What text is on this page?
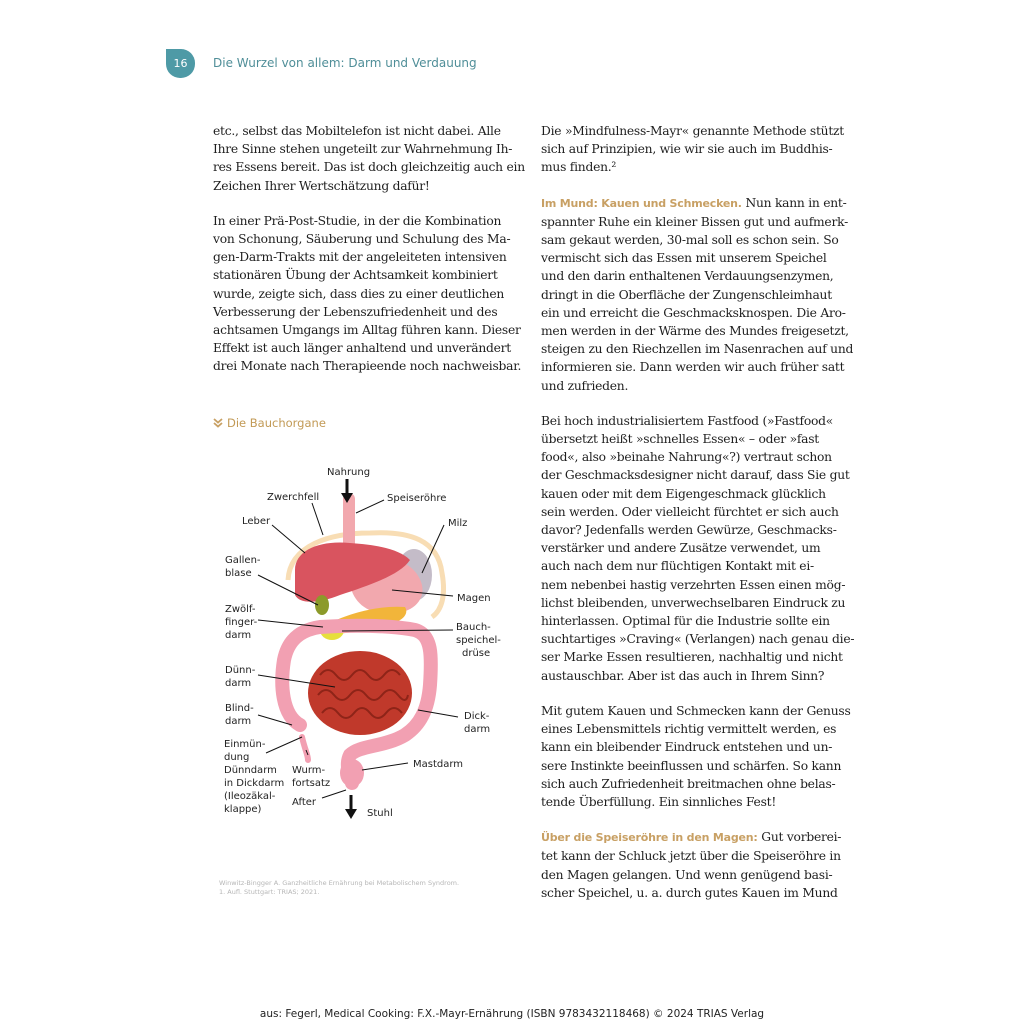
16 Die Wurzel von allem: Darm und Verdauung

etc., selbst das Mobiltelefon ist nicht dabei. Alle
Ihre Sinne stehen ungeteilt zur Wahrnehmung Ih-
res Essens bereit. Das ist doch gleichzeitig auch ein
Zeichen Ihrer Wertschätzung dafür!

In einer Prä-Post-Studie, in der die Kombination
von Schonung, Säuberung und Schulung des Ma-
gen-Darm-Trakts mit der angeleiteten intensiven
stationären Übung der Achtsamkeit kombiniert
wurde, zeigte sich, dass dies zu einer deutlichen
Verbesserung der Lebenszufriedenheit und des
achtsamen Umgangs im Alltag führen kann. Dieser
Effekt ist auch länger anhaltend und unverändert
drei Monate nach Therapieende noch nachweisbar.

Die Bauchorgane
Nahrung
Zwerchfell	Speiseröhre
Leber	Milz
Gallen-
blase
Magen
Zwölf-
finger-
darm
Bauch-
speichel-
drüse
Dünn-
darm
Blind-
darm	Dick-
darm
Einmün-
dung
Dünndarm
in Dickdarm
(Ileozäkal-
klappe)
Wurm-
fortsatz
Mastdarm
After
Stuhl
Winwitz-Bingger A. Ganzheitliche Ernährung bei Metabolischem Syndrom.
1. Aufl. Stuttgart: TRIAS; 2021.

Die »Mindfulness-Mayr« genannte Methode stützt
sich auf Prinzipien, wie wir sie auch im Buddhis-
mus finden.²

Im Mund: Kauen und Schmecken. Nun kann in ent-
spannter Ruhe ein kleiner Bissen gut und aufmerk-
sam gekaut werden, 30-mal soll es schon sein. So
vermischt sich das Essen mit unserem Speichel
und den darin enthaltenen Verdauungsenzymen,
dringt in die Oberfläche der Zungenschleimhaut
ein und erreicht die Geschmacksknospen. Die Aro-
men werden in der Wärme des Mundes freigesetzt,
steigen zu den Riechzellen im Nasenrachen auf und
informieren sie. Dann werden wir auch früher satt
und zufrieden.

Bei hoch industrialisiertem Fastfood (»Fastfood«
übersetzt heißt »schnelles Essen« – oder »fast
food«, also »beinahe Nahrung«?) vertraut schon
der Geschmacksdesigner nicht darauf, dass Sie gut
kauen oder mit dem Eigengeschmack glücklich
sein werden. Oder vielleicht fürchtet er sich auch
davor? Jedenfalls werden Gewürze, Geschmacks-
verstärker und andere Zusätze verwendet, um
auch nach dem nur flüchtigen Kontakt mit ei-
nem nebenbei hastig verzehrten Essen einen mög-
lichst bleibenden, unverwechselbaren Eindruck zu
hinterlassen. Optimal für die Industrie sollte ein
suchtartiges »Craving« (Verlangen) nach genau die-
ser Marke Essen resultieren, nachhaltig und nicht
austauschbar. Aber ist das auch in Ihrem Sinn?

Mit gutem Kauen und Schmecken kann der Genuss
eines Lebensmittels richtig vermittelt werden, es
kann ein bleibender Eindruck entstehen und un-
sere Instinkte beeinflussen und schärfen. So kann
sich auch Zufriedenheit breitmachen ohne belas-
tende Überfüllung. Ein sinnliches Fest!

Über die Speiseröhre in den Magen: Gut vorberei-
tet kann der Schluck jetzt über die Speiseröhre in
den Magen gelangen. Und wenn genügend basi-
scher Speichel, u. a. durch gutes Kauen im Mund

aus: Fegerl, Medical Cooking: F.X.-Mayr-Ernährung (ISBN 9783432118468) © 2024 TRIAS Verlag
